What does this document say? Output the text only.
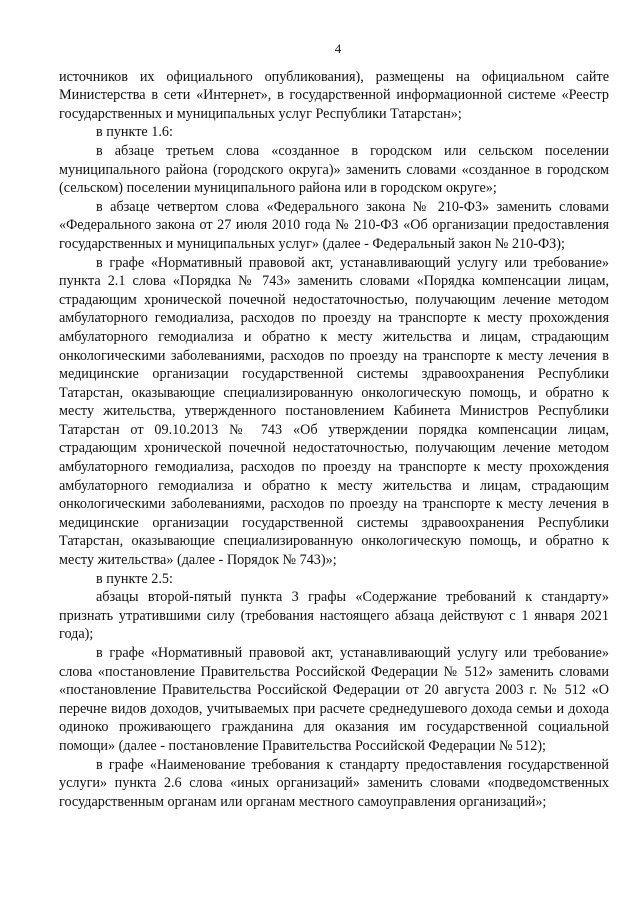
4

источников их официального опубликования), размещены на официальном сайте Министерства в сети «Интернет», в государственной информационной системе «Реестр государственных и муниципальных услуг Республики Татарстан»;

в пункте 1.6:

в абзаце третьем слова «созданное в городском или сельском поселении муниципального района (городского округа)» заменить словами «созданное в городском (сельском) поселении муниципального района или в городском округе»;

в абзаце четвертом слова «Федерального закона № 210-ФЗ» заменить словами «Федерального закона от 27 июля 2010 года № 210-ФЗ «Об организации предоставления государственных и муниципальных услуг» (далее - Федеральный закон № 210-ФЗ);

в графе «Нормативный правовой акт, устанавливающий услугу или требование» пункта 2.1 слова «Порядка № 743» заменить словами «Порядка компенсации лицам, страдающим хронической почечной недостаточностью, получающим лечение методом амбулаторного гемодиализа, расходов по проезду на транспорте к месту прохождения амбулаторного гемодиализа и обратно к месту жительства и лицам, страдающим онкологическими заболеваниями, расходов по проезду на транспорте к месту лечения в медицинские организации государственной системы здравоохранения Республики Татарстан, оказывающие специализированную онкологическую помощь, и обратно к месту жительства, утвержденного постановлением Кабинета Министров Республики Татарстан от 09.10.2013 № 743 «Об утверждении порядка компенсации лицам, страдающим хронической почечной недостаточностью, получающим лечение методом амбулаторного гемодиализа, расходов по проезду на транспорте к месту прохождения амбулаторного гемодиализа и обратно к месту жительства и лицам, страдающим онкологическими заболеваниями, расходов по проезду на транспорте к месту лечения в медицинские организации государственной системы здравоохранения Республики Татарстан, оказывающие специализированную онкологическую помощь, и обратно к месту жительства» (далее - Порядок № 743)»;

в пункте 2.5:

абзацы второй-пятый пункта 3 графы «Содержание требований к стандарту» признать утратившими силу (требования настоящего абзаца действуют с 1 января 2021 года);

в графе «Нормативный правовой акт, устанавливающий услугу или требование» слова «постановление Правительства Российской Федерации № 512» заменить словами «постановление Правительства Российской Федерации от 20 августа 2003 г. № 512 «О перечне видов доходов, учитываемых при расчете среднедушевого дохода семьи и дохода одиноко проживающего гражданина для оказания им государственной социальной помощи» (далее - постановление Правительства Российской Федерации № 512);

в графе «Наименование требования к стандарту предоставления государственной услуги» пункта 2.6 слова «иных организаций» заменить словами «подведомственных государственным органам или органам местного самоуправления организаций»;
